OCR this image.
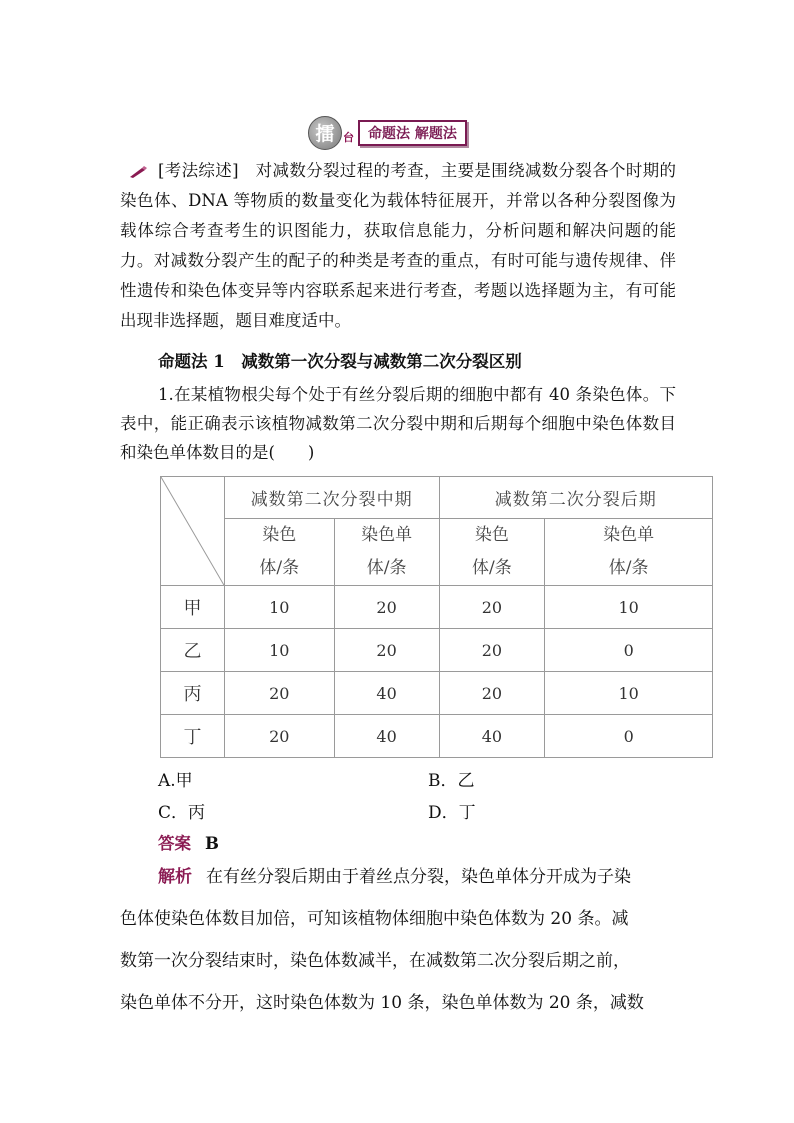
擂 台	命题法 解题法
[考法综述]　 对减数分裂过程的考查，主要是围绕减数分裂各个时期的染色体、DNA 等物质的数量变化为载体特征展开，并常以各种分裂图像为载体综合考查考生的识图能力，获取信息能力，分析问题和解决问题的能力。对减数分裂产生的配子的种类是考查的重点，有时可能与遗传规律、伴性遗传和染色体变异等内容联系起来进行考查，考题以选择题为主，有可能出现非选择题，题目难度适中。
命题法 1　减数第一次分裂与减数第二次分裂区别
1.在某植物根尖每个处于有丝分裂后期的细胞中都有 40 条染色体。下表中，能正确表示该植物减数第二次分裂中期和后期每个细胞中染色体数目和染色单体数目的是(　　)
	减数第二次分裂中期		减数第二次分裂后期	
	染色
体/条	染色单
体/条	染色
体/条	染色单
体/条
甲	10	20	20	10
乙	10	20	20	0
丙	20	40	20	10
丁	20	40	40	0
A.甲	B．乙
C．丙	D．丁
答案 B
解析 在有丝分裂后期由于着丝点分裂，染色单体分开成为子染
色体使染色体数目加倍，可知该植物体细胞中染色体数为 20 条。减
数第一次分裂结束时，染色体数减半，在减数第二次分裂后期之前，
染色单体不分开，这时染色体数为 10 条，染色单体数为 20 条，减数
